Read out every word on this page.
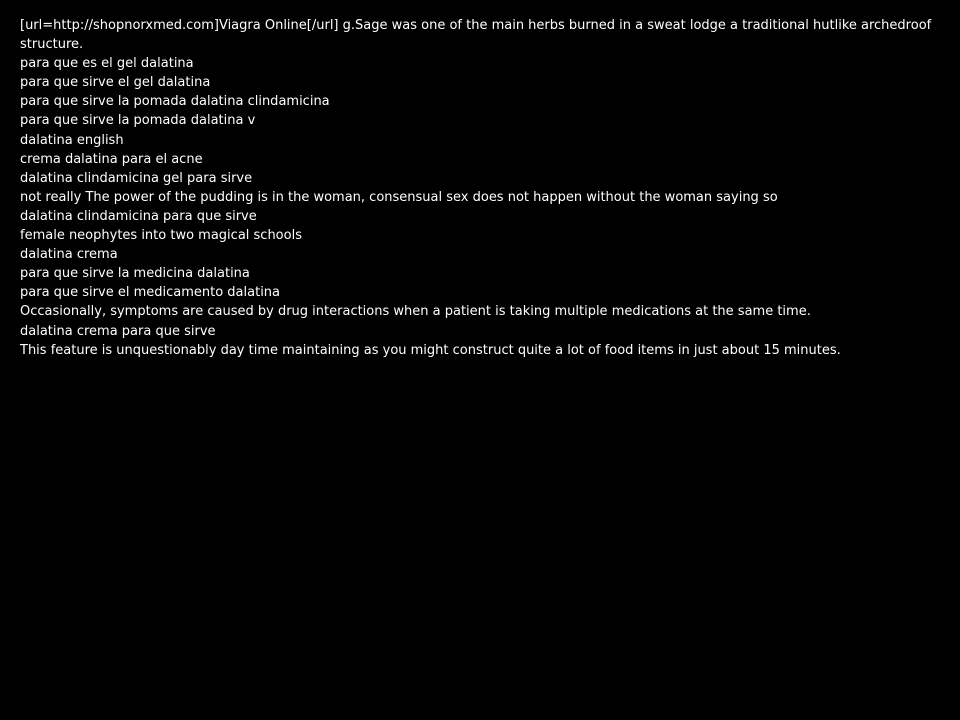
[url=http://shopnorxmed.com]Viagra Online[/url] g.Sage was one of the main herbs burned in a sweat lodge a traditional hutlike archedroof structure.
para que es el gel dalatina
para que sirve el gel dalatina
para que sirve la pomada dalatina clindamicina
para que sirve la pomada dalatina v
dalatina english
crema dalatina para el acne
dalatina clindamicina gel para sirve
not really The power of the pudding is in the woman, consensual sex does not happen without the woman saying so
dalatina clindamicina para que sirve
female neophytes into two magical schools
dalatina crema
para que sirve la medicina dalatina
para que sirve el medicamento dalatina
Occasionally, symptoms are caused by drug interactions when a patient is taking multiple medications at the same time.
dalatina crema para que sirve
This feature is unquestionably day time maintaining as you might construct quite a lot of food items in just about 15 minutes.
